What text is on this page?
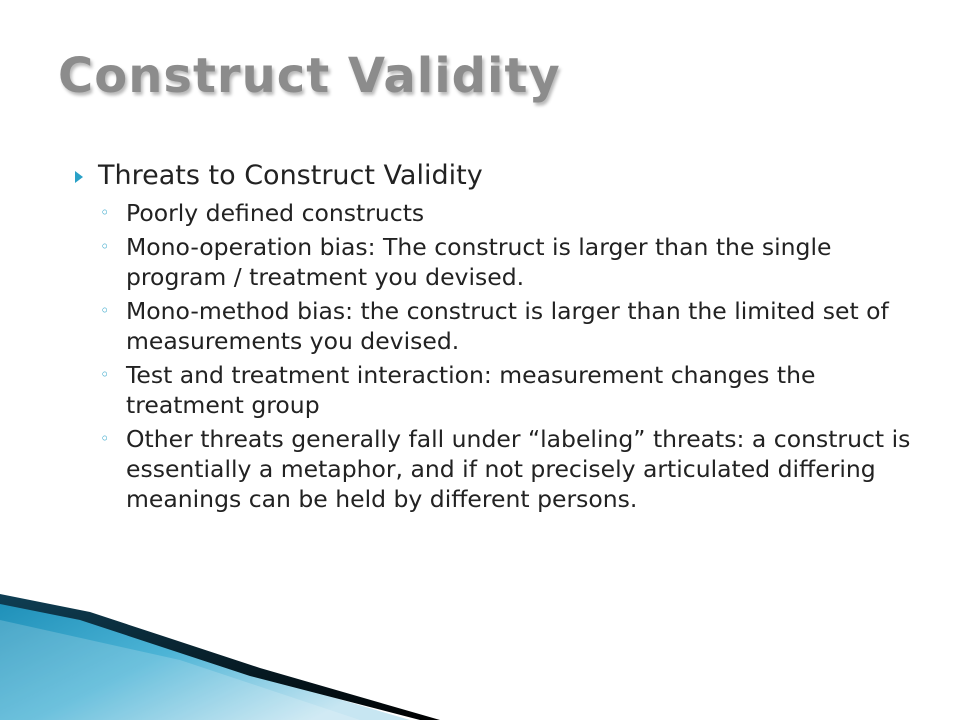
Construct Validity
Threats to Construct Validity
◦ Poorly defined constructs
◦ Mono-operation bias: The construct is larger than the single program / treatment you devised.
◦ Mono-method bias: the construct is larger than the limited set of measurements you devised.
◦ Test and treatment interaction: measurement changes the treatment group
◦ Other threats generally fall under “labeling” threats: a construct is essentially a metaphor, and if not precisely articulated differing meanings can be held by different persons.
